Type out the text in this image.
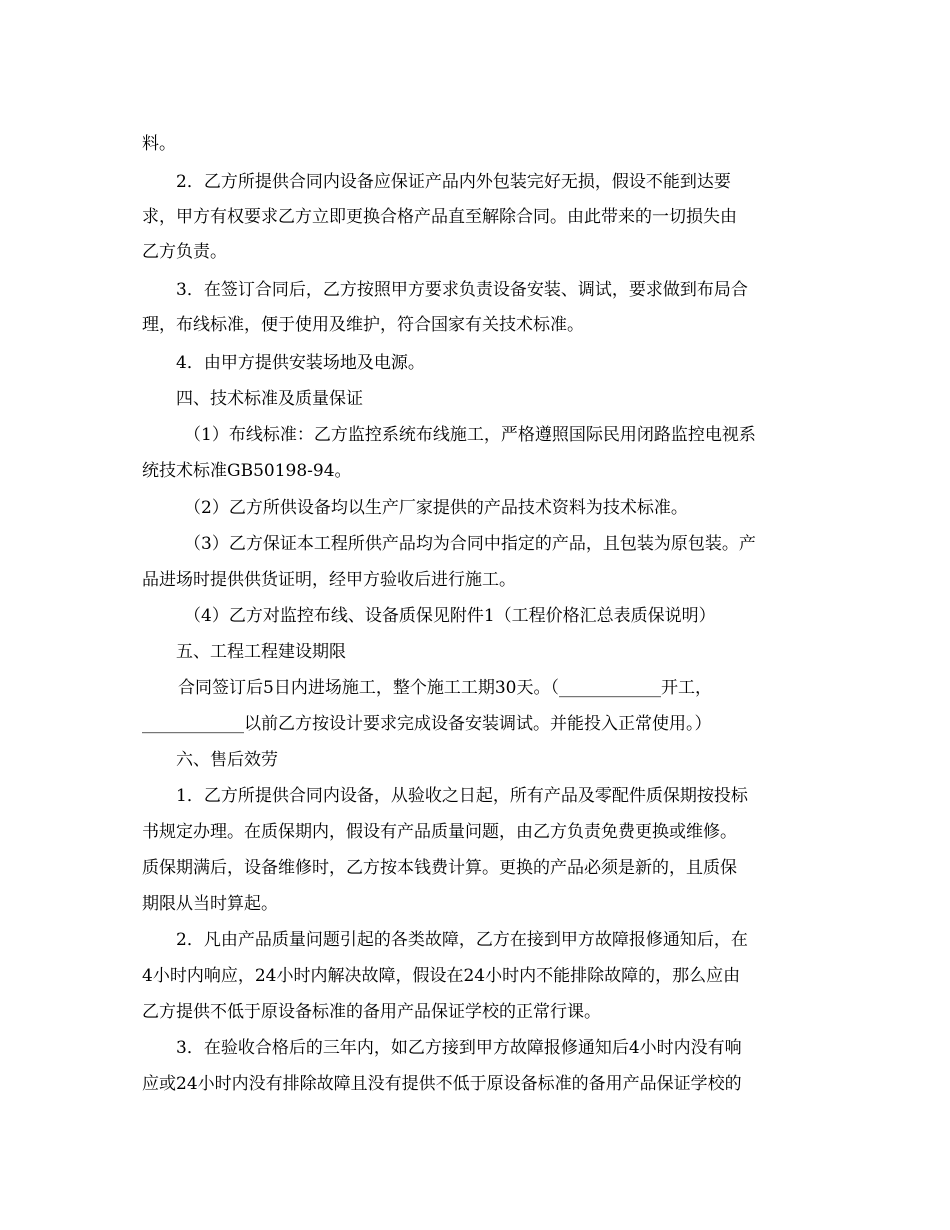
料。
2．乙方所提供合同内设备应保证产品内外包装完好无损，假设不能到达要
求，甲方有权要求乙方立即更换合格产品直至解除合同。由此带来的一切损失由
乙方负责。
3．在签订合同后，乙方按照甲方要求负责设备安装、调试，要求做到布局合
理，布线标准，便于使用及维护，符合国家有关技术标准。
4．由甲方提供安装场地及电源。
四、技术标准及质量保证
（1）布线标准：乙方监控系统布线施工，严格遵照国际民用闭路监控电视系
统技术标准GB50198-94。
（2）乙方所供设备均以生产厂家提供的产品技术资料为技术标准。
（3）乙方保证本工程所供产品均为合同中指定的产品，且包装为原包装。产
品进场时提供供货证明，经甲方验收后进行施工。
（4）乙方对监控布线、设备质保见附件1（工程价格汇总表质保说明）
五、工程工程建设期限
合同签订后5日内进场施工，整个施工工期30天。（____________开工，
____________以前乙方按设计要求完成设备安装调试。并能投入正常使用。）
六、售后效劳
1．乙方所提供合同内设备，从验收之日起，所有产品及零配件质保期按投标
书规定办理。在质保期内，假设有产品质量问题，由乙方负责免费更换或维修。
质保期满后，设备维修时，乙方按本钱费计算。更换的产品必须是新的，且质保
期限从当时算起。
2．凡由产品质量问题引起的各类故障，乙方在接到甲方故障报修通知后，在
4小时内响应，24小时内解决故障，假设在24小时内不能排除故障的，那么应由
乙方提供不低于原设备标准的备用产品保证学校的正常行课。
3．在验收合格后的三年内，如乙方接到甲方故障报修通知后4小时内没有响
应或24小时内没有排除故障且没有提供不低于原设备标准的备用产品保证学校的
